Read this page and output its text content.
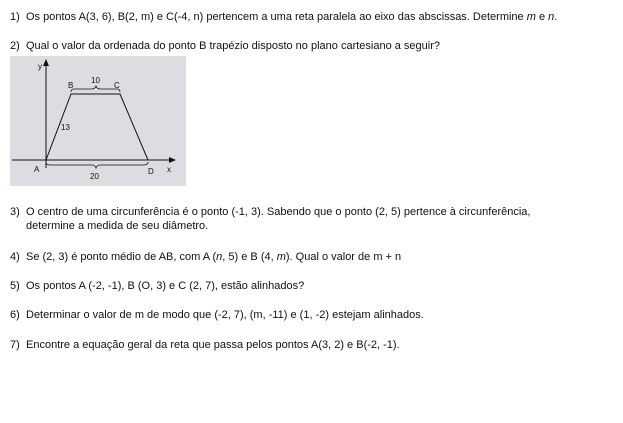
1) Os pontos A(3, 6), B(2, m) e C(-4, n) pertencem a uma reta paralela ao eixo das abscissas. Determine m e n.
2) Qual o valor da ordenada do ponto B trapézio disposto no plano cartesiano a seguir?
y
x
10
20
13
A
B	C
D
3) O centro de uma circunferência é o ponto (-1, 3). Sabendo que o ponto (2, 5) pertence à circunferência,
determine a medida de seu diâmetro.
4) Se (2, 3) é ponto médio de AB, com A (n, 5) e B (4, m). Qual o valor de m + n
5) Os pontos A (-2, -1), B (O, 3) e C (2, 7), estão alinhados?
6) Determinar o valor de m de modo que (-2, 7), (m, -11) e (1, -2) estejam alinhados.
7) Encontre a equação geral da reta que passa pelos pontos A(3, 2) e B(-2, -1).
